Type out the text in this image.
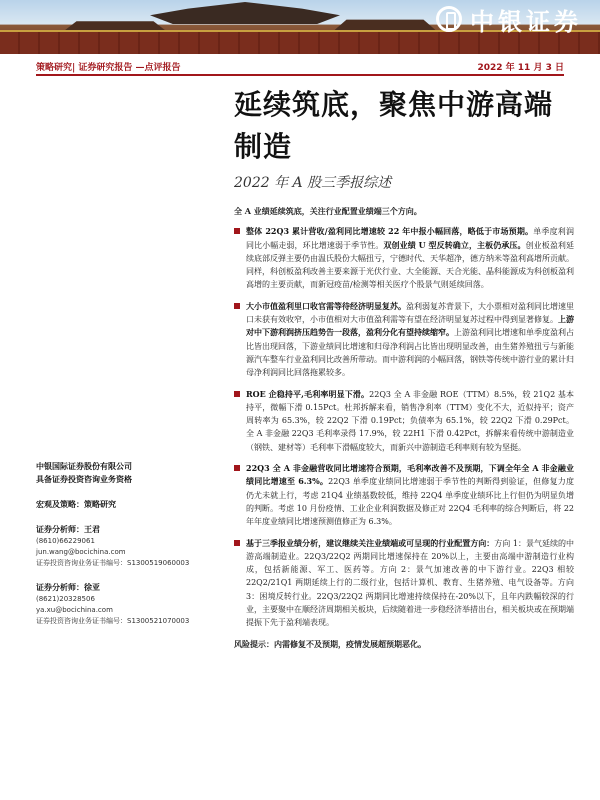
中银证券
策略研究| 证券研究报告 —点评报告	2022 年 11 月 3 日
延续筑底，聚焦中游高端
制造
2022 年 A 股三季报综述
中银国际证券股份有限公司
具备证券投资咨询业务资格
宏观及策略：策略研究
证券分析师：王君
(8610)66229061
jun.wang@bocichina.com
证券投资咨询业务证书编号：S1300519060003
证券分析师：徐亚
(8621)20328506
ya.xu@bocichina.com
证券投资咨询业务证书编号：S1300521070003
全 A 业绩延续筑底，关注行业配置业绩端三个方向。
整体 22Q3 累计营收/盈利同比增速较 22 年中报小幅回落，略低于市场预期。单季度利润同比小幅走弱，环比增速弱于季节性。双创业绩 U 型反转确立，主板仍承压。创业板盈利延续底部反弹主要仍由温氏股份大幅扭亏，宁德时代、天华超净，德方纳米等盈利高增所贡献。同样，科创板盈利改善主要来源于光伏行业、大全能源、天合光能、晶科能源成为科创板盈利高增的主要贡献，而新冠疫苗/检测等相关医疗个股景气则延续回落。
大小市值盈利里口收官需等待经济明显复苏。盈利弱复苏背景下，大小票相对盈利同比增速里口未获有效收窄，小市值相对大市值盈利需等有望在经济明显复苏过程中得到显著修复。上游对中下游利润挤压趋势告一段落，盈利分化有望持续缩窄。上游盈利同比增速和单季度盈利占比皆出现回落，下游业绩同比增速和归母净利润占比皆出现明显改善，由生猪养殖扭亏与新能源汽车整车行业盈利同比改善所带动。而中游利润的小幅回落，钢铁等传统中游行业的累计归母净利润同比回落拖累较多。
ROE 企稳持平,毛利率明显下滑。22Q3 全 A 非金融 ROE（TTM）8.5%，较 21Q2 基本持平，微幅下滑 0.15Pct。杜邦拆解来看，销售净利率（TTM）变化不大，近似持平；资产周转率为 65.3%，较 22Q2 下滑 0.19Pct；负债率为 65.1%，较 22Q2 下滑 0.29Pct。全 A 非金融 22Q3 毛利率录得 17.9%，较 22H1 下滑 0.42Pct，拆解来看传统中游制造业（钢铁、建材等）毛利率下滑幅度较大，而新兴中游制造毛利率则有较为坚挺。
22Q3 全 A 非金融营收同比增速符合预期，毛利率改善不及预期，下调全年全 A 非金融业绩同比增速至 6.3%。22Q3 单季度业绩同比增速弱于季节性的判断得到验证，但修复力度仍尤未就上行，考虑 21Q4 业绩基数较低，维持 22Q4 单季度业绩环比上行但仍为明显负增的判断。考虑 10 月份疫情、工业企业利润数据及修正对 22Q4 毛利率的综合判断后，将 22 年年度业绩同比增速预测值修正为 6.3%。
基于三季报业绩分析，建议继续关注业绩端或可呈现的行业配置方向：方向 1：景气延续的中游高端制造业。22Q3/22Q2 两期同比增速保持在 20%以上，主要由高端中游制造行业构成，包括新能源、军工、医药等。方向 2：景气加速改善的中下游行业。22Q3 相较 22Q2/21Q1 两期延续上行的二级行业，包括计算机、教育、生猪养殖、电气设备等。方向 3：困境反转行业。22Q3/22Q2 两期同比增速持续保持在-20%以下，且年内跌幅较深的行业，主要聚中在顺经济周期相关板块，后续随着进一步稳经济举措出台，相关板块或在预期端提振下先于盈利端表现。
风险提示：内需修复不及预期，疫情发展超预期恶化。
